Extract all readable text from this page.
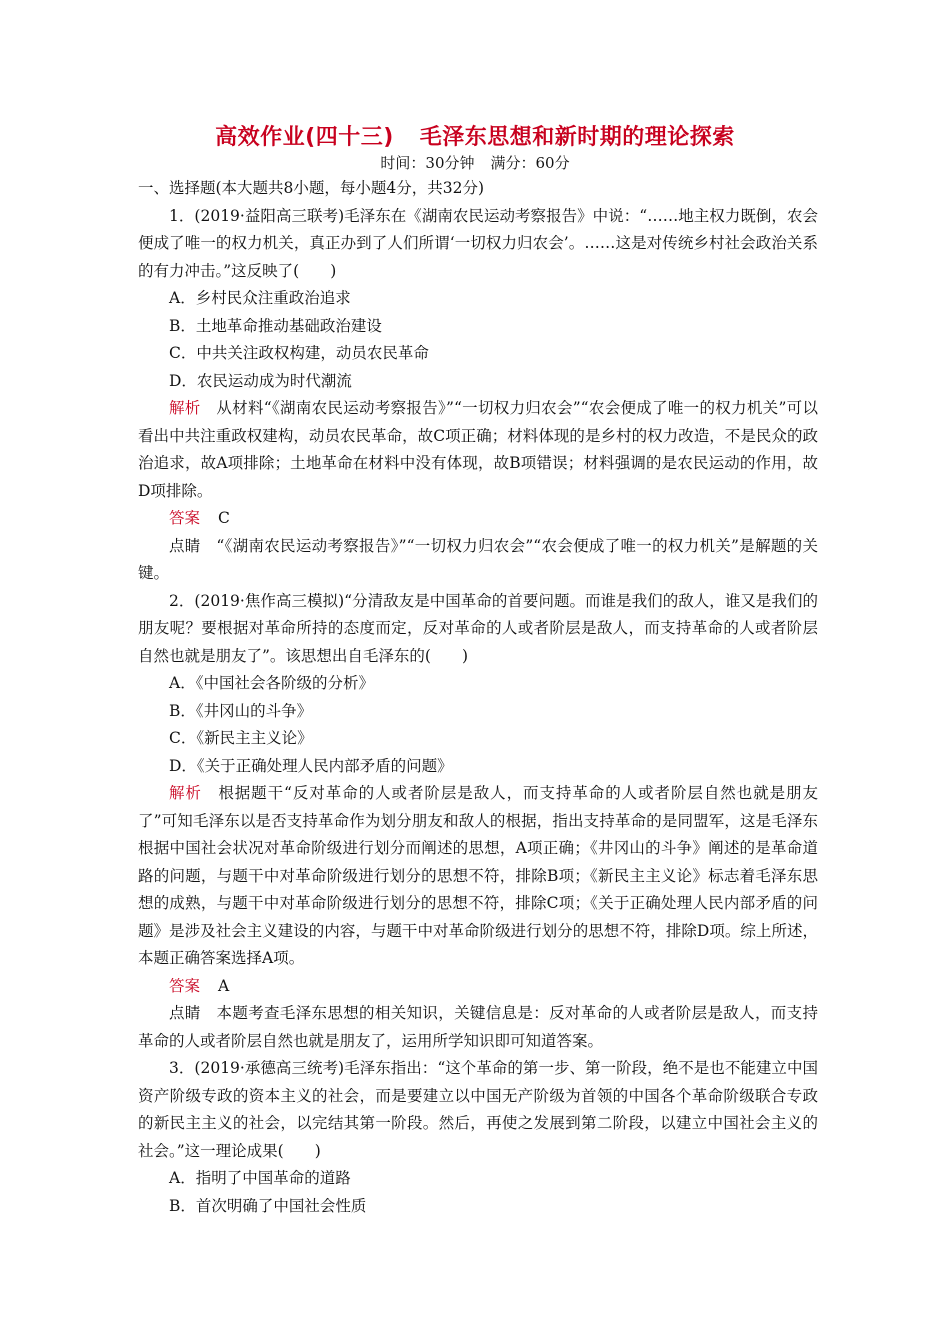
高效作业(四十三) 毛泽东思想和新时期的理论探索
时间：30分钟 满分：60分
一、选择题(本大题共8小题，每小题4分，共32分)

1．(2019·益阳高三联考)毛泽东在《湖南农民运动考察报告》中说：“……地主权力既倒，农会便成了唯一的权力机关，真正办到了人们所谓‘一切权力归农会’。……这是对传统乡村社会政治关系的有力冲击。”这反映了(　　)

A．乡村民众注重政治追求
B．土地革命推动基础政治建设
C．中共关注政权构建，动员农民革命
D．农民运动成为时代潮流

解析　 从材料“《湖南农民运动考察报告》”“一切权力归农会”“农会便成了唯一的权力机关”可以看出中共注重政权建构，动员农民革命，故C项正确；材料体现的是乡村的权力改造，不是民众的政治追求，故A项排除；土地革命在材料中没有体现，故B项错误；材料强调的是农民运动的作用，故D项排除。

答案 C

点睛　 “《湖南农民运动考察报告》”“一切权力归农会”“农会便成了唯一的权力机关”是解题的关键。

2．(2019·焦作高三模拟)“分清敌友是中国革命的首要问题。而谁是我们的敌人，谁又是我们的朋友呢？要根据对革命所持的态度而定，反对革命的人或者阶层是敌人，而支持革命的人或者阶层自然也就是朋友了”。该思想出自毛泽东的(　　)

A．《中国社会各阶级的分析》
B．《井冈山的斗争》
C．《新民主主义论》
D．《关于正确处理人民内部矛盾的问题》

解析　 根据题干“反对革命的人或者阶层是敌人，而支持革命的人或者阶层自然也就是朋友了”可知毛泽东以是否支持革命作为划分朋友和敌人的根据，指出支持革命的是同盟军，这是毛泽东根据中国社会状况对革命阶级进行划分而阐述的思想，A项正确；《井冈山的斗争》阐述的是革命道路的问题，与题干中对革命阶级进行划分的思想不符，排除B项；《新民主主义论》标志着毛泽东思想的成熟，与题干中对革命阶级进行划分的思想不符，排除C项；《关于正确处理人民内部矛盾的问题》是涉及社会主义建设的内容，与题干中对革命阶级进行划分的思想不符，排除D项。综上所述，本题正确答案选择A项。

答案 A

点睛　 本题考查毛泽东思想的相关知识，关键信息是：反对革命的人或者阶层是敌人，而支持革命的人或者阶层自然也就是朋友了，运用所学知识即可知道答案。

3．(2019·承德高三统考)毛泽东指出：“这个革命的第一步、第一阶段，绝不是也不能建立中国资产阶级专政的资本主义的社会，而是要建立以中国无产阶级为首领的中国各个革命阶级联合专政的新民主主义的社会，以完结其第一阶段。然后，再使之发展到第二阶段，以建立中国社会主义的社会。”这一理论成果(　　)

A．指明了中国革命的道路
B．首次明确了中国社会性质
